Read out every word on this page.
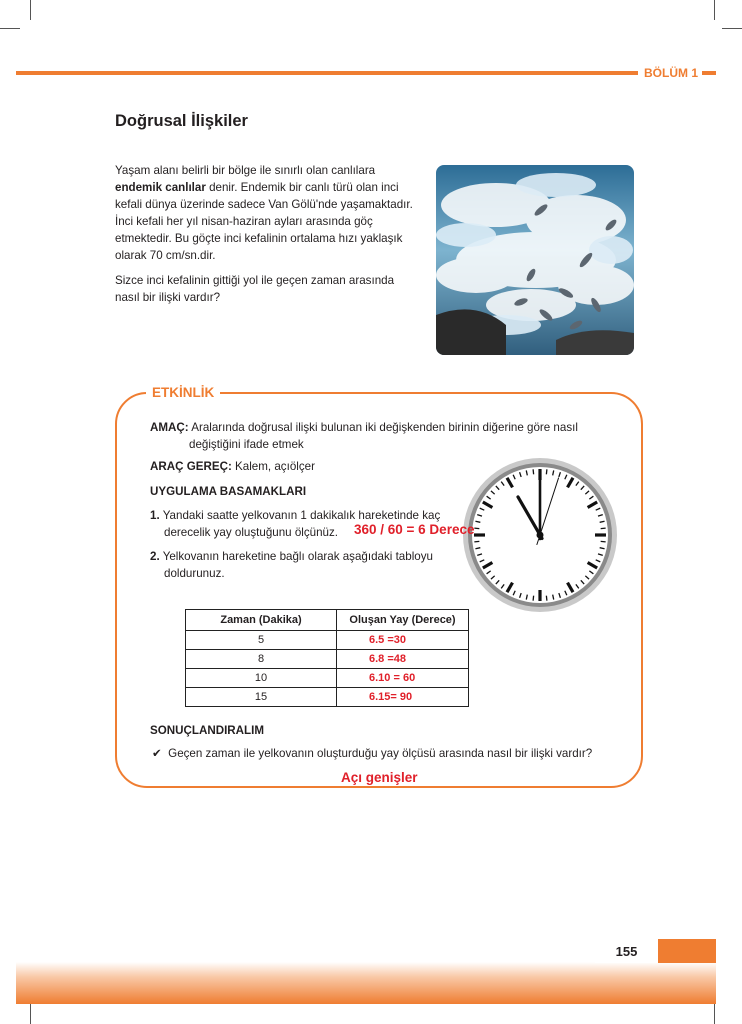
BÖLÜM 1
Doğrusal İlişkiler

Yaşam alanı belirli bir bölge ile sınırlı olan canlılara endemik canlılar denir. Endemik bir canlı türü olan inci kefali dünya üzerinde sadece Van Gölü'nde yaşamaktadır. İnci kefali her yıl nisan-haziran ayları arasında göç etmektedir. Bu göçte inci kefalinin ortalama hızı yaklaşık olarak 70 cm/sn.dir.

Sizce inci kefalinin gittiği yol ile geçen zaman arasında nasıl bir ilişki vardır?

ETKİNLİK

AMAÇ: Aralarında doğrusal ilişki bulunan iki değişkenden birinin diğerine göre nasıl

değiştiğini ifade etmek

ARAÇ GEREÇ: Kalem, açıölçer

UYGULAMA BASAMAKLARI

1. Yandaki saatte yelkovanın 1 dakikalık hareketinde kaç

derecelik yay oluştuğunu ölçünüz.

2. Yelkovanın hareketine bağlı olarak aşağıdaki tabloyu

doldurunuz.

360 / 60 = 6 Derece

Zaman (Dakika)	Oluşan Yay (Derece)
5	6.5 =30
8	6.8 =48
10	6.10 = 60
15	6.15= 90

SONUÇLANDIRALIM

✔ Geçen zaman ile yelkovanın oluşturduğu yay ölçüsü arasında nasıl bir ilişki vardır?

Açı genişler

155
